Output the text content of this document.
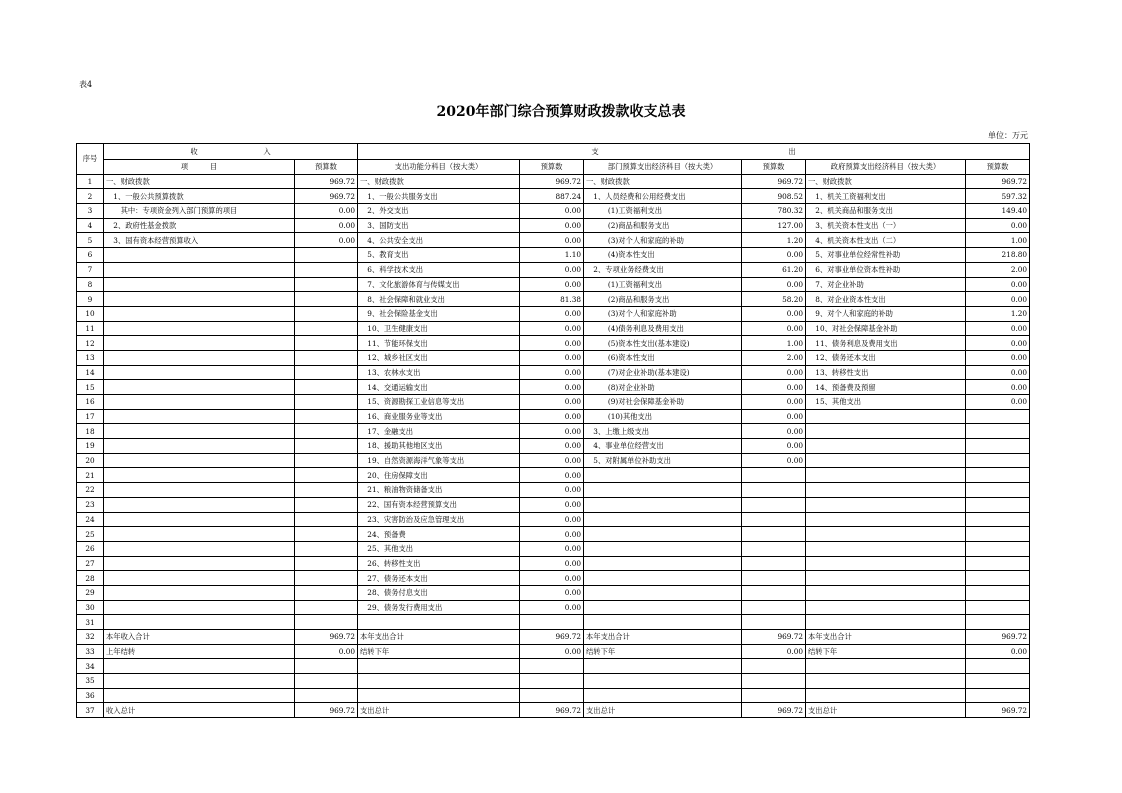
表4
2020年部门综合预算财政拨款收支总表
单位：万元
序号	收　　　　　　　　　入		支　　　　　　　　　　　　　　　　　　　　　　　　　　出					
	项　　　目	预算数	支出功能分科目（按大类）	预算数	部门预算支出经济科目（按大类）	预算数	政府预算支出经济科目（按大类）	预算数
1	一、财政拨款	969.72	一、财政拨款	969.72	一、财政拨款	969.72	一、财政拨款	969.72
2	　1、一般公共预算拨款	969.72	　1、一般公共服务支出	887.24	　1、人员经费和公用经费支出	908.52	　1、机关工资福利支出	597.32
3	　　其中：专项资金列入部门预算的项目	0.00	　2、外交支出	0.00	　　　(1)工资福利支出	780.32	　2、机关商品和服务支出	149.40
4	　2、政府性基金拨款	0.00	　3、国防支出	0.00	　　　(2)商品和服务支出	127.00	　3、机关资本性支出（一）	0.00
5	　3、国有资本经营预算收入	0.00	　4、公共安全支出	0.00	　　　(3)对个人和家庭的补助	1.20	　4、机关资本性支出（二）	1.00
6			　5、教育支出	1.10	　　　(4)资本性支出	0.00	　5、对事业单位经常性补助	218.80
7			　6、科学技术支出	0.00	　2、专项业务经费支出	61.20	　6、对事业单位资本性补助	2.00
8			　7、文化旅游体育与传媒支出	0.00	　　　(1)工资福利支出	0.00	　7、对企业补助	0.00
9			　8、社会保障和就业支出	81.38	　　　(2)商品和服务支出	58.20	　8、对企业资本性支出	0.00
10			　9、社会保险基金支出	0.00	　　　(3)对个人和家庭补助	0.00	　9、对个人和家庭的补助	1.20
11			　10、卫生健康支出	0.00	　　　(4)债务利息及费用支出	0.00	　10、对社会保障基金补助	0.00
12			　11、节能环保支出	0.00	　　　(5)资本性支出(基本建设)	1.00	　11、债务利息及费用支出	0.00
13			　12、城乡社区支出	0.00	　　　(6)资本性支出	2.00	　12、债务还本支出	0.00
14			　13、农林水支出	0.00	　　　(7)对企业补助(基本建设)	0.00	　13、转移性支出	0.00
15			　14、交通运输支出	0.00	　　　(8)对企业补助	0.00	　14、预备费及预留	0.00
16			　15、资源勘探工业信息等支出	0.00	　　　(9)对社会保障基金补助	0.00	　15、其他支出	0.00
17			　16、商业服务业等支出	0.00	　　　(10)其他支出	0.00		
18			　17、金融支出	0.00	　3、上缴上级支出	0.00		
19			　18、援助其他地区支出	0.00	　4、事业单位经营支出	0.00		
20			　19、自然资源海洋气象等支出	0.00	　5、对附属单位补助支出	0.00		
21			　20、住房保障支出	0.00				
22			　21、粮油物资储备支出	0.00				
23			　22、国有资本经营预算支出	0.00				
24			　23、灾害防治及应急管理支出	0.00				
25			　24、预备费	0.00				
26			　25、其他支出	0.00				
27			　26、转移性支出	0.00				
28			　27、债务还本支出	0.00				
29			　28、债务付息支出	0.00				
30			　29、债务发行费用支出	0.00				
31								
32	本年收入合计	969.72	本年支出合计	969.72	本年支出合计	969.72	本年支出合计	969.72
33	上年结转	0.00	结转下年	0.00	结转下年	0.00	结转下年	0.00
34								
35								
36								
37	收入总计	969.72	支出总计	969.72	支出总计	969.72	支出总计	969.72
